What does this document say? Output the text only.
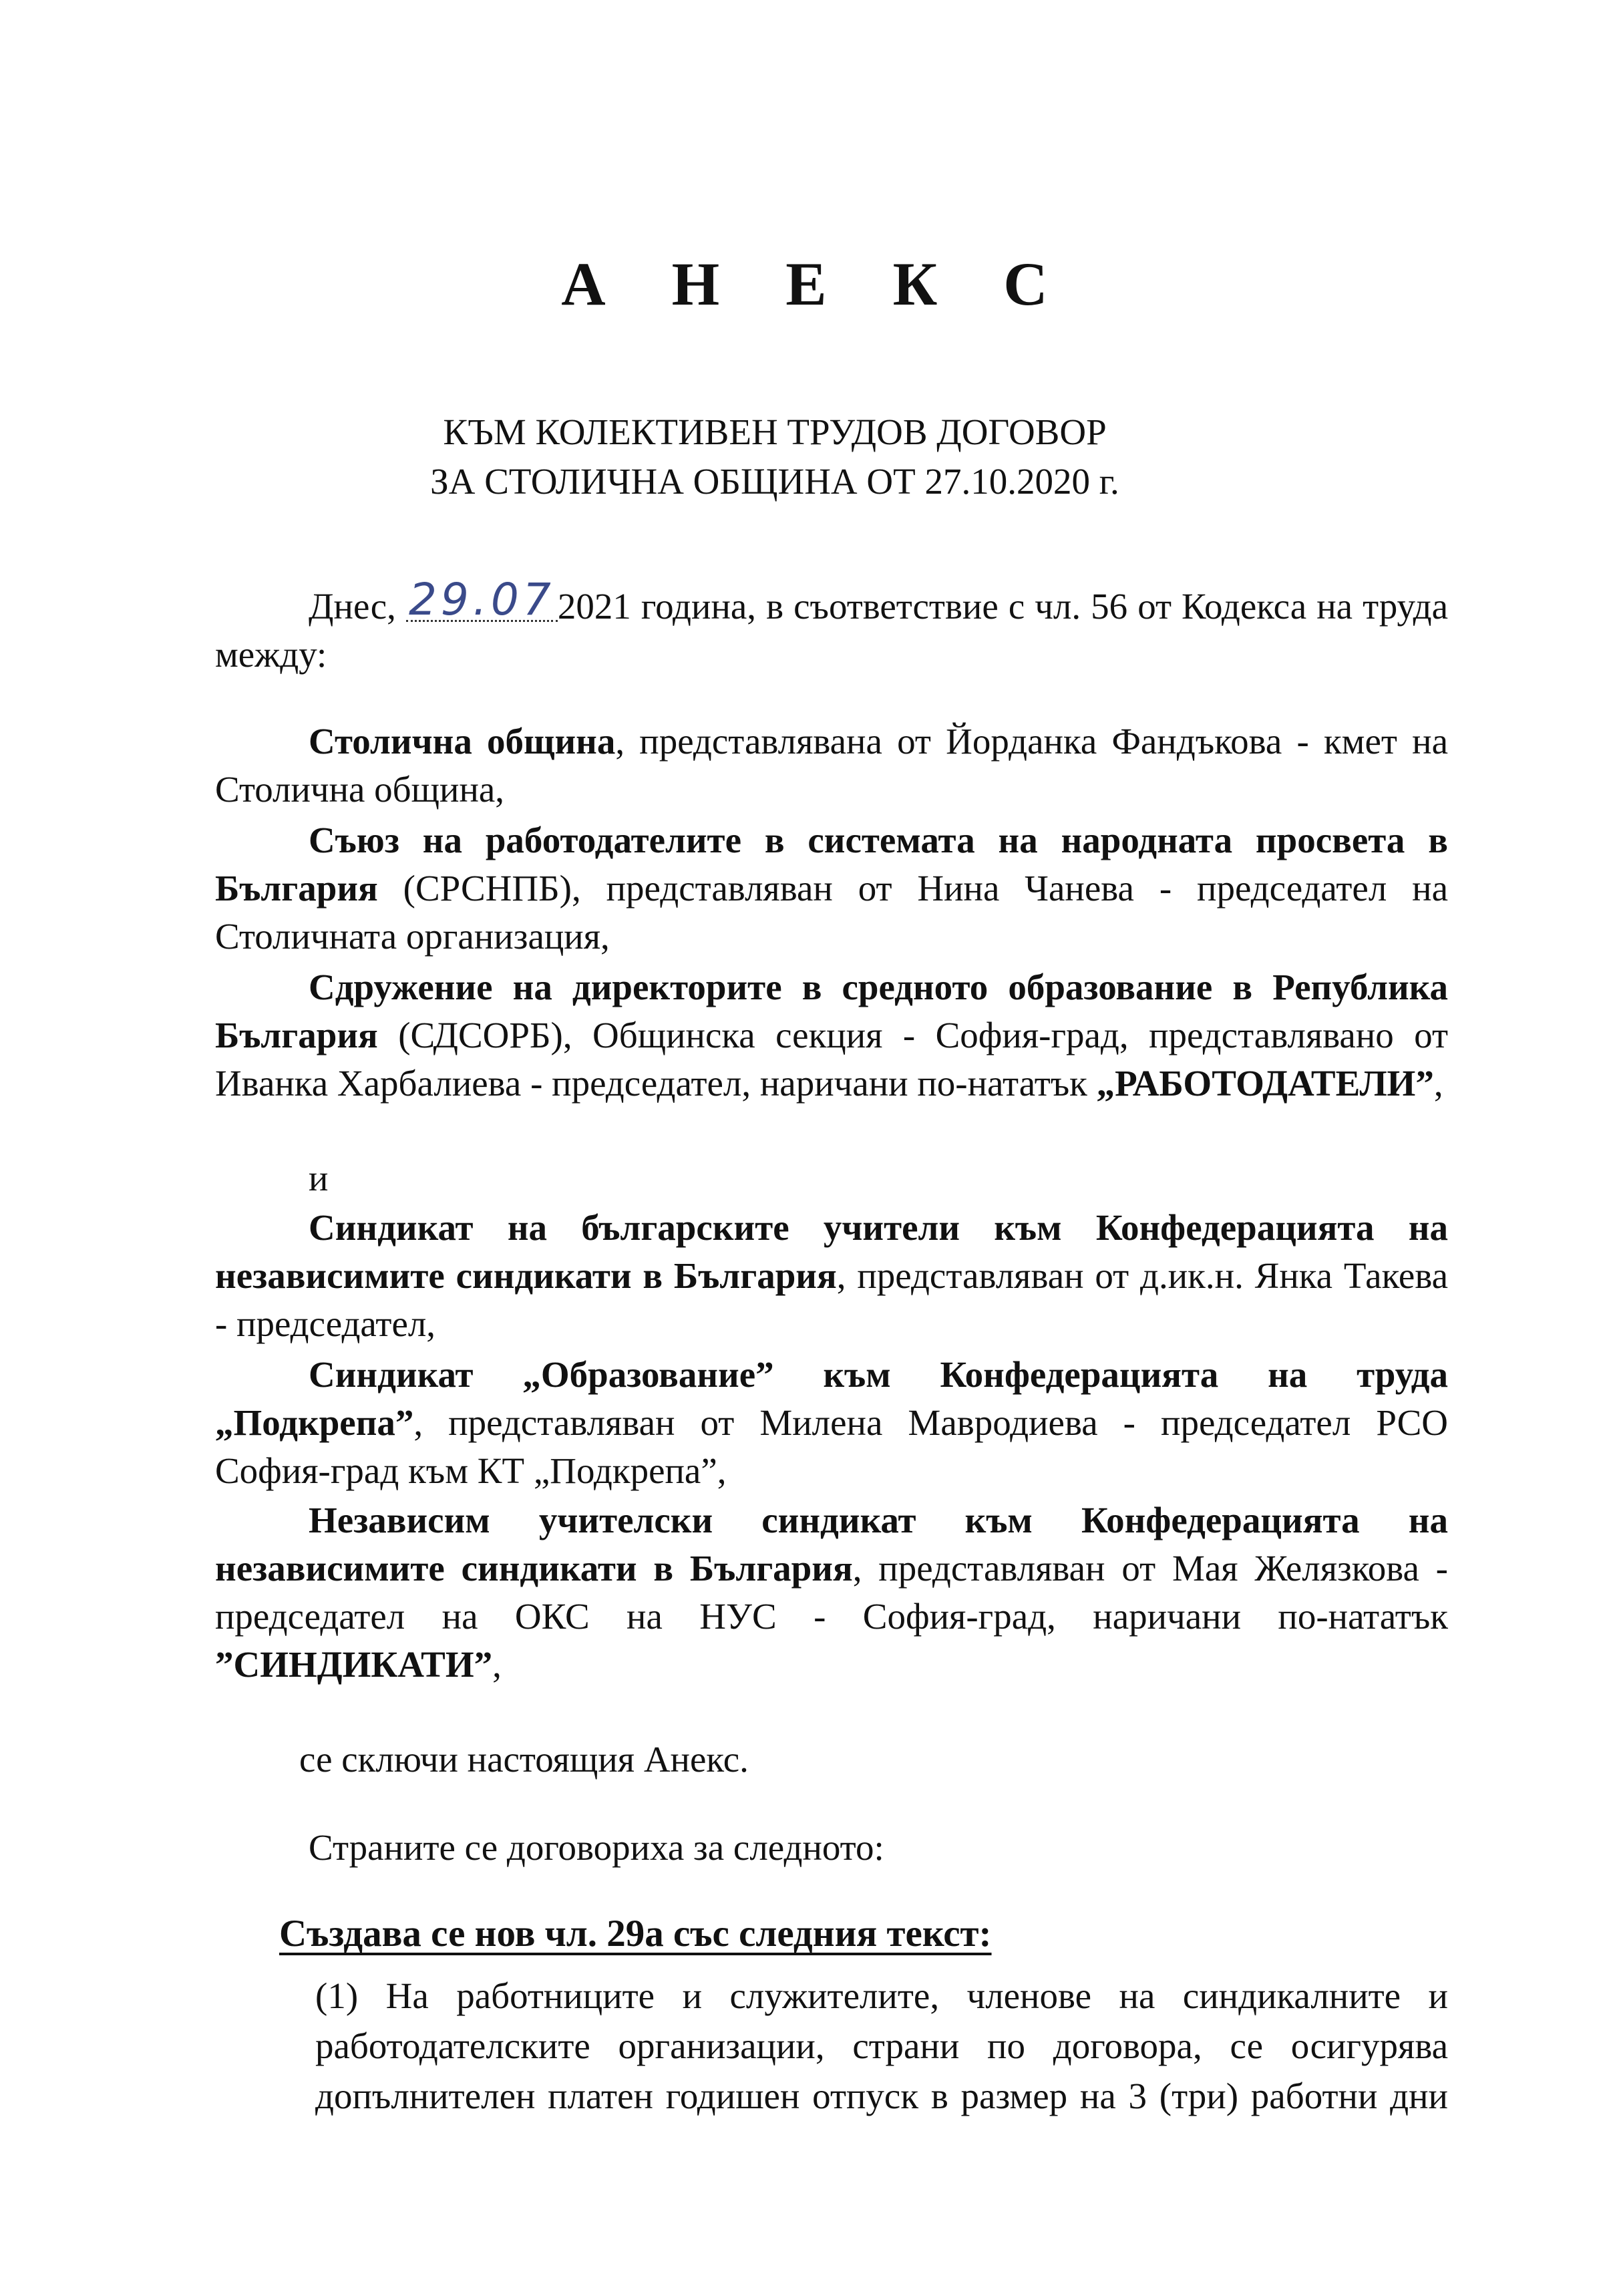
А Н Е К С
КЪМ КОЛЕКТИВЕН ТРУДОВ ДОГОВОР
ЗА СТОЛИЧНА ОБЩИНА ОТ 27.10.2020 г.

Днес, 29.072021 година, в съответствие с чл. 56 от Кодекса на труда между:

Столична община, представлявана от Йорданка Фандъкова - кмет на Столична община,

Съюз на работодателите в системата на народната просвета в България (СРСНПБ), представляван от Нина Чанева - председател на Столичната организация,

Сдружение на директорите в средното образование в Република България (СДСОРБ), Общинска секция - София-град, представлявано от Иванка Харбалиева - председател, наричани по-нататък „РАБОТОДАТЕЛИ”,

и

Синдикат на българските учители към Конфедерацията на независимите синдикати в България, представляван от д.ик.н. Янка Такева - председател,

Синдикат „Образование” към Конфедерацията на труда „Подкрепа”, представляван от Милена Мавродиева - председател РСО София-град към КТ „Подкрепа”,

Независим учителски синдикат към Конфедерацията на независимите синдикати в България, представляван от Мая Желязкова - председател на ОКС на НУС - София-град, наричани по-нататък ”СИНДИКАТИ”,

се сключи настоящия Анекс.
Страните се договориха за следното:
Създава се нов чл. 29а със следния текст:

(1) На работниците и служителите, членове на синдикалните и работодателските организации, страни по договора, се осигурява допълнителен платен годишен отпуск в размер на 3 (три) работни дни
